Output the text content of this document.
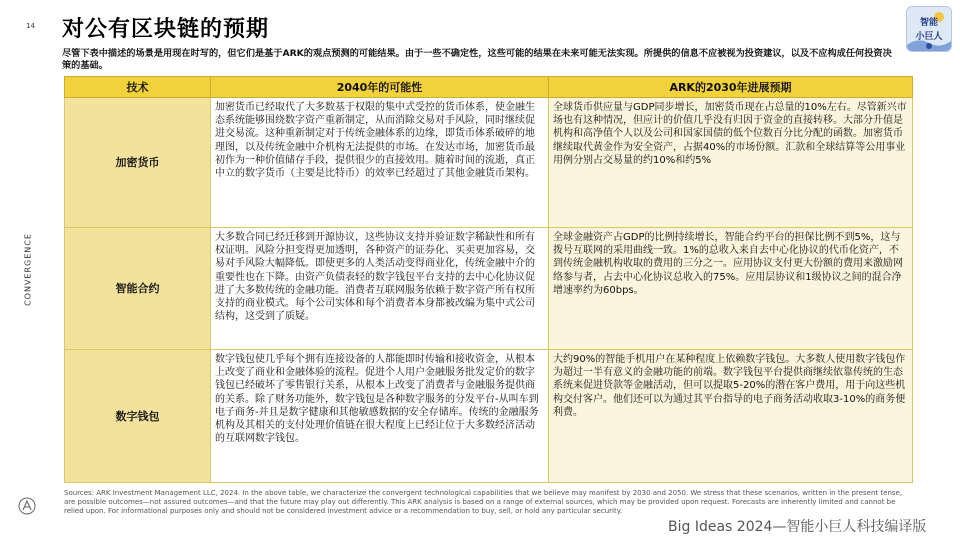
14 对公有区块链的预期	智能
小巨人
尽管下表中描述的场景是用现在时写的，但它们是基于ARK的观点预测的可能结果。由于一些不确定性，这些可能的结果在未来可能无法实现。所提供的信息不应被视为投资建议，以及不应构成任何投资决策的基础。
CONVERGENCE
技术	2040年的可能性	ARK的2030年进展预期
加密货币	加密货币已经取代了大多数基于权限的集中式受控的货币体系，使金融生态系统能够围绕数字资产重新制定，从而消除交易对手风险，同时继续促进交易流。这种重新制定对于传统金融体系的边缘，即货币体系破碎的地理图，以及传统金融中介机构无法提供的市场。在发达市场，加密货币最初作为一种价值储存手段，提供很少的直接效用。随着时间的流逝，真正中立的数字货币（主要是比特币）的效率已经超过了其他金融货币架构。	全球货币供应量与GDP同步增长，加密货币现在占总量的10%左右。尽管新兴市场也有这种情况，但应计的价值几乎没有归因于资金的直接转移。大部分升值是机构和高净值个人以及公司和国家国债的低个位数百分比分配的函数。加密货币继续取代黄金作为安全资产，占据40%的市场份额。汇款和全球结算等公用事业用例分别占交易量的约10%和约5%
智能合约	大多数合同已经迁移到开源协议，这些协议支持并验证数字稀缺性和所有权证明。风险分担变得更加透明，各种资产的证券化、买卖更加容易，交易对手风险大幅降低。即使更多的人类活动变得商业化，传统金融中介的重要性也在下降。由资产负债表轻的数字钱包平台支持的去中心化协议促进了大多数传统的金融功能。消费者互联网服务依赖于数字资产所有权所支持的商业模式。每个公司实体和每个消费者本身都被改编为集中式公司结构，这受到了质疑。	全球金融资产占GDP的比例持续增长，智能合约平台的担保比例不到5%，这与拨号互联网的采用曲线一致。1%的总收入来自去中心化协议的代币化资产，不到传统金融机构收取的费用的三分之一。应用协议支付更大份额的费用来激励网络参与者，占去中心化协议总收入的75%。应用层协议和1级协议之间的混合净增速率约为60bps。
数字钱包	数字钱包使几乎每个拥有连接设备的人都能即时传输和接收资金，从根本上改变了商业和金融体验的流程。促进个人用户金融服务批发定价的数字钱包已经破坏了零售银行关系，从根本上改变了消费者与金融服务提供商的关系。除了财务功能外，数字钱包是各种数字服务的分发平台-从叫车到电子商务-并且是数字健康和其他敏感数据的安全存储库。传统的金融服务机构及其相关的支付处理价值链在很大程度上已经让位于大多数经济活动的互联网数字钱包。	大约90%的智能手机用户在某种程度上依赖数字钱包。大多数人使用数字钱包作为超过一半有意义的金融功能的前端。数字钱包平台提供商继续依靠传统的生态系统来促进贷款等金融活动，但可以提取5-20%的潜在客户费用，用于向这些机构交付客户。他们还可以为通过其平台指导的电子商务活动收取3-10%的商务便利费。
Sources: ARK Investment Management LLC, 2024. In the above table, we characterize the convergent technological capabilities that we believe may manifest by 2030 and 2050. We stress that these scenarios, written in the present tense, are possible outcomes—not assured outcomes—and that the future may play out differently. This ARK analysis is based on a range of external sources, which may be provided upon request. Forecasts are inherently limited and cannot be relied upon. For informational purposes only and should not be considered investment advice or a recommendation to buy, sell, or hold any particular security.
Big Ideas 2024—智能小巨人科技编译版
